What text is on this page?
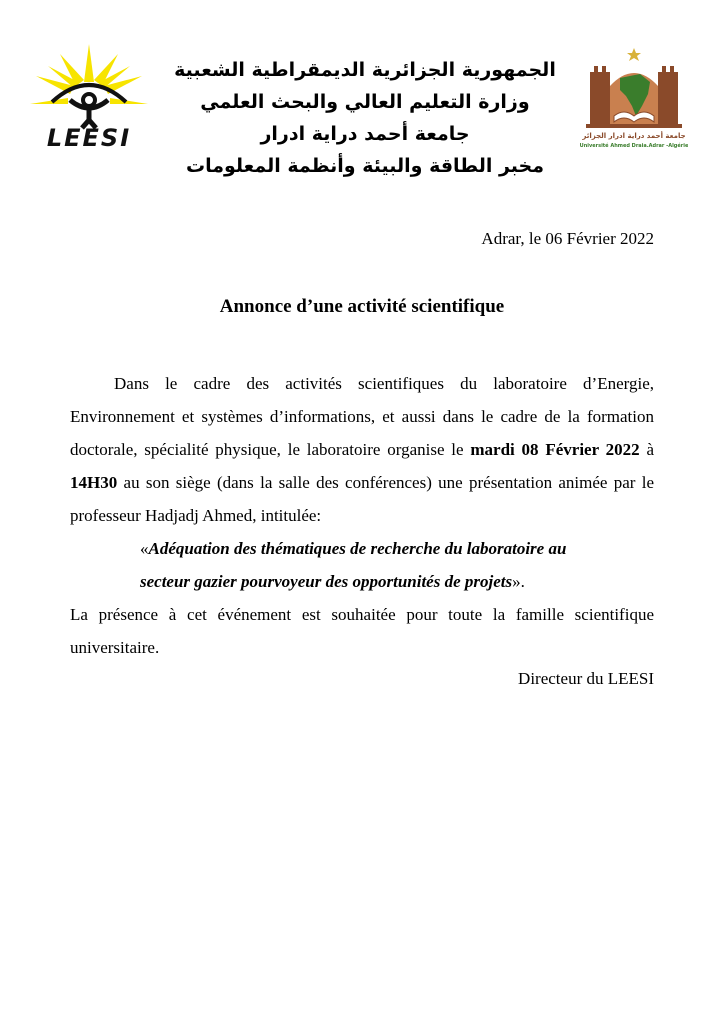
LEESI
الجمهورية الجزائرية الديمقراطية الشعبية
وزارة التعليم العالي والبحث العلمي
جامعة أحمد دراية ادرار
مخبر الطاقة والبيئة وأنظمة المعلومات
جامعة أحمد دراية ادرار الجزائر
Université Ahmed Draia.Adrar -Algérie
Adrar, le 06 Février 2022
Annonce d’une activité scientifique

Dans le cadre des activités scientifiques du laboratoire d’Energie, Environnement et systèmes d’informations, et aussi dans le cadre de la formation doctorale, spécialité physique, le laboratoire organise le mardi 08 Février 2022 à 14H30 au son siège (dans la salle des conférences) une présentation animée par le professeur Hadjadj Ahmed, intitulée:

«Adéquation des thématiques de recherche du laboratoire au
secteur gazier pourvoyeur des opportunités de projets».

La présence à cet événement est souhaitée pour toute la famille scientifique universitaire.

Directeur du LEESI
